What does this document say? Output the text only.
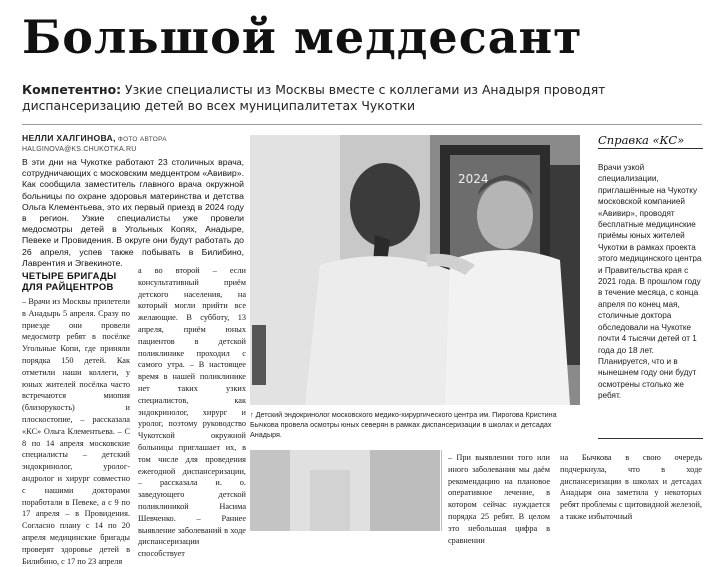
Большой меддесант
Компетентно: Узкие специалисты из Москвы вместе с коллегами из Анадыря проводят диспансеризацию детей во всех муниципалитетах Чукотки
НЕЛЛИ ХАЛГИНОВА, ФОТО АВТОРА
HALGINOVA@KS.CHUKOTKA.RU
В эти дни на Чукотке работают 23 столичных врача, сотрудничающих с московским медцентром «Авивир». Как сообщила заместитель главного врача окружной больницы по охране здоровья материнства и детства Ольга Клементьева, это их первый приезд в 2024 году в регион. Узкие специалисты уже провели медосмотры детей в Угольных Копях, Анадыре, Певеке и Провидения. В округе они будут работать до 26 апреля, успев также побывать в Билибино, Лаврентия и Эгвекиноте.
ЧЕТЫРЕ БРИГАДЫ ДЛЯ РАЙЦЕНТРОВ
– Врачи из Москвы прилетели в Анадырь 5 апреля. Сразу по приезде они провели медосмотр ребят в посёлке Угольные Копи, где приняли порядка 150 детей. Как отметили наши коллеги, у юных жителей посёлка часто встречаются миопия (близорукость) и плоскостопие, – рассказала «КС» Ольга Клементьева. – С 8 по 14 апреля московские специалисты – детский эндокринолог, уролог-андролог и хирург совместно с нашими докторами поработали в Певеке, а с 9 по 17 апреля – в Провидения. Согласно плану с 14 по 20 апреля медицинские бригады проверят здоровье детей в Билибино, с 17 по 23 апреля
а во второй – если консультативный приём детского населения, на который могли прийти все желающие. В субботу, 13 апреля, приём юных пациентов в детской поликлинике проходил с самого утра. – В настоящее время в нашей поликлинике нет таких узких специалистов, как эндокринолог, хирург и уролог, поэтому руководство Чукотской окружной больницы приглашает их, в том числе для проведения ежегодной диспансеризации, – рассказала и. о. заведующего детской поликлиникой Насима Шевченко. – Раннее выявление заболеваний в ходе диспансеризации способствует
2024
↑ Детский эндокринолог московского медико-хирургического центра им. Пирогова Кристина Бычкова провела осмотры юных северян в рамках диспансеризации в школах и детсадах Анадыря.
– При выявлении того или иного заболевания мы даём рекомендацию на плановое оперативное лечение, в котором сейчас нуждается порядка 25 ребят. В целом это небольшая цифра в сравнении
на Бычкова в свою очередь подчеркнула, что в ходе диспансеризации в школах и детсадах Анадыря она заметила у некоторых ребят проблемы с щитовидной железой, а также избыточный
Справка «КС»
Врачи узкой специализации, приглашённые на Чукотку московской компанией «Авивир», проводят бесплатные медицинские приёмы юных жителей Чукотки в рамках проекта этого медицинского центра и Правительства края с 2021 года. В прошлом году в течение месяца, с конца апреля по конец мая, столичные доктора обследовали на Чукотке почти 4 тысячи детей от 1 года до 18 лет. Планируется, что и в нынешнем году они будут осмотрены столько же ребят.
